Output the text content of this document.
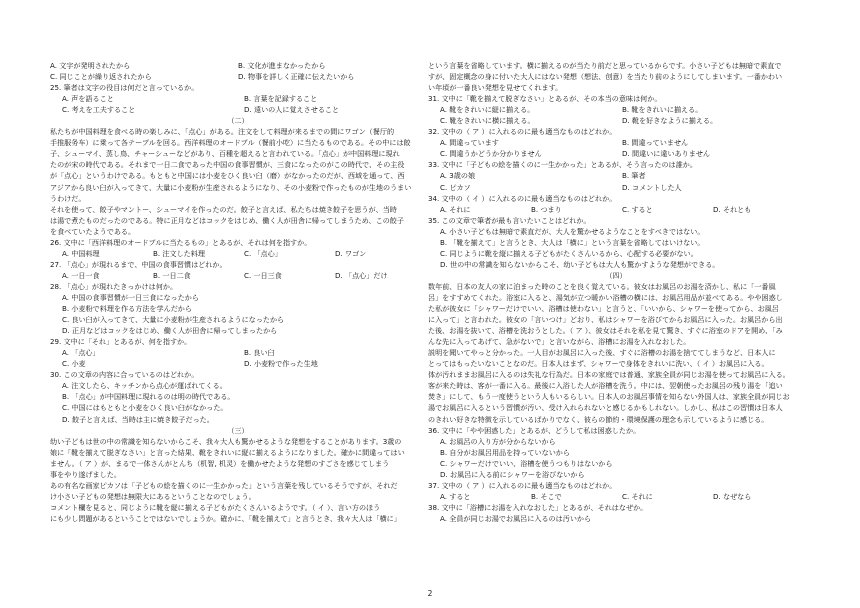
A. 文字が発明されたから	B. 文化が進まなかったから
C. 同じことが繰り返されたから	D. 物事を詳しく正確に伝えたいから
25. 筆者は文字の役目は何だと言っているか。
A. 声を語ること	B. 言葉を記録すること
C. 考えを工夫すること	D. 遠いの人に覚えさせること
（二）
私たちが中国料理を食べる時の楽しみに、「点心」がある。注文をして料理が来るまでの間にワゴン（餐厅的
手推服务车）に乗って各テーブルを回る。西洋料理のオードブル（餐前小吃）に当たるものである。その中には餃
子、シューマイ、蒸し鳥、チャーシューなどがあり、百種を超えると言われている。「点心」が中国料理に現れ
たのが宋の時代である。それまで一日二食であった中国の食事習慣が、三食になったのがこの時代で、その主役
が「点心」というわけである。もともと中国には小麦をひく良い臼（磨）がなかったのだが、西域を通って、西
アジアから良い臼が入ってきて、大量に小麦粉が生産されるようになり、その小麦粉で作ったものが生地のうまい
うわけだ。
それを使って、餃子やマントー、シューマイを作ったのだ。餃子と言えば、私たちは焼き餃子を思うが、当時
は湯で煮たものだったのである。特に正月などはコックをはじめ、働く人が田舎に帰ってしまうため、この餃子
を食べていたようである。
26. 文中に「西洋料理のオードブルに当たるもの」とあるが、それは何を指すか。
A. 中国料理	B. 注文した料理	C. 「点心」	D. ワゴン
27. 「点心」が現れるまで、中国の食事習慣はどれか。
A. 一日一食	B. 一日二食	C. 一日三食	D. 「点心」だけ
28. 「点心」が現れたきっかけは何か。
A. 中国の食事習慣が一日三食になったから
B. 小麦粉で料理を作る方法を学んだから
C. 良い臼が入ってきて、大量に小麦粉が生産されるようになったから
D. 正月などはコックをはじめ、働く人が田舎に帰ってしまったから
29. 文中に「それ」とあるが、何を指すか。
A. 「点心」	B. 良い臼
C. 小麦	D. 小麦粉で作った生地
30. この文章の内容に合っているのはどれか。
A. 注文したら、キッチンから点心が運ばれてくる。
B. 「点心」が中国料理に現れるのは明の時代である。
C. 中国にはもともと小麦をひく良い臼がなかった。
D. 餃子と言えば、当時は主に焼き餃子だった。
（三）
幼い子どもは世の中の常識を知らないからこそ、我々大人も驚かせるような発想をすることがあります。3歳の
娘に「靴を揃えて脱ぎなさい」と言った結果、靴をきれいに縦に揃えるようになりました。確かに間違ってはい
ません。（ ア ）が、まるで一体さんがとんち（机智, 机灵）を働かせたような発想のすごさを感じてしまう
事をやり遂げました。
あの有名な画家ピカソは「子どもの絵を描くのに一生かかった」という言葉を残しているそうですが、それだ
け小さい子どもの発想は無限大にあるということなのでしょう。
コメント欄を見ると、同じように靴を縦に揃える子どもがたくさんいるようです。（ イ ）、言い方のほう
にも少し問題があるということではないでしょうか。確かに、「靴を揃えて」と言うとき、我々大人は「横に」
という言葉を省略しています。横に揃えるのが当たり前だと思っているからです。小さい子どもは無暗で素直で
すが、固定概念の身に付いた大人にはない発想（想法、创意）を当たり前のようにしてしまいます。一番かわい
い年頃が一番良い発想を見せてくれます。
31. 文中に「靴を揃えて脱ぎなさい」とあるが、その本当の意味は何か。
A. 靴をきれいに縦に揃える。	B. 靴をきれいに揃える。
C. 靴をきれいに横に揃える。	D. 靴を好きなように揃える。
32. 文中の（ ア ）に入れるのに最も適当なものはどれか。
A. 間違っています	B. 間違っていません
C. 間違うかどうか分かりません	D. 間違いに違いありません
33. 文中に「子どもの絵を描くのに一生かかった」とあるが、そう言ったのは誰か。
A. 3歳の娘	B. 筆者
C. ピカソ	D. コメントした人
34. 文中の（ イ ）に入れるのに最も適当なものはどれか。
A. それに	B. つまり	C. すると	D. それとも
35. この文章で筆者が最も言いたいことはどれか。
A. 小さい子どもは無暗で素直だが、大人を驚かせるようなことをすべきではない。
B. 「靴を揃えて」と言うとき、大人は「横に」という言葉を省略してはいけない。
C. 同じように靴を縦に揃える子どもがたくさんいるから、心配する必要がない。
D. 世の中の常識を知らないからこそ、幼い子どもは大人も驚かすような発想ができる。
（四）
数年前、日本の友人の家に泊まった時のことを良く覚えている。彼女はお風呂のお湯を済かし、私に「一番風
呂」をすすめてくれた。浴室に入ると、湯気が立つ暖かい浴槽の横には、お風呂用品が並べてある。やや困惑し
た私が彼女に「シャワーだけでいい、浴槽は使わない」と言うと、「いいから、シャワーを使ってから、お風呂
に入って」と言われた。彼女の「言いつけ」どおり、私はシャワーを浴びてからお風呂に入った。お風呂から出
た後、お湯を抜いて、浴槽を洗おうとした。（ ア ）、彼女はそれを私を見て驚き、すぐに浴室のドアを開め、「み
んな先に入ってあげて、急がないで」と言いながら、浴槽にお湯を入れなおした。
説明を聞いてやっと分かった。一人目がお風呂に入った後、すぐに浴槽のお湯を捨ててしまうなど、日本人に
とってはもったいないことなのだ。日本人はまず、シャワーで身体をきれいに洗い、（ イ ）お風呂に入る。
体が汚れままお風呂に入るのは失礼な行為だ。日本の家庭では普通、家族全員が同じお湯を使ってお風呂に入る。
客が来た時は、客が一番に入る。最後に入浴した人が浴槽を洗う。中には、翌朝使ったお風呂の残り湯を「追い
焚き」にして、もう一度使うという人もいるらしい。日本人のお風呂事情を知らない外国人は、家族全員が同じお
湯でお風呂に入るという習慣が汚い、受け入れられないと感じるかもしれない。しかし、私はこの習慣は日本人
のきれい好きな特徴を示しているばかりでなく、彼らの節約・環境保護の理念も示しているように感じる。
36. 文中に「やや困惑した」とあるが、どうして私は困惑したか。
A. お風呂の入り方が分からないから
B. 自分がお風呂用品を持っていないから
C. シャワーだけでいい、浴槽を使うつもりはないから
D. お風呂に入る前にシャワーを浴びないから
37. 文中の（ ア ）に入れるのに最も適当なものはどれか。
A. すると	B. そこで	C. それに	D. なぜなら
38. 文中に「浴槽にお湯を入れなおした」とあるが、それはなぜか。
A. 全員が同じお湯でお風呂に入るのは汚いから
2
